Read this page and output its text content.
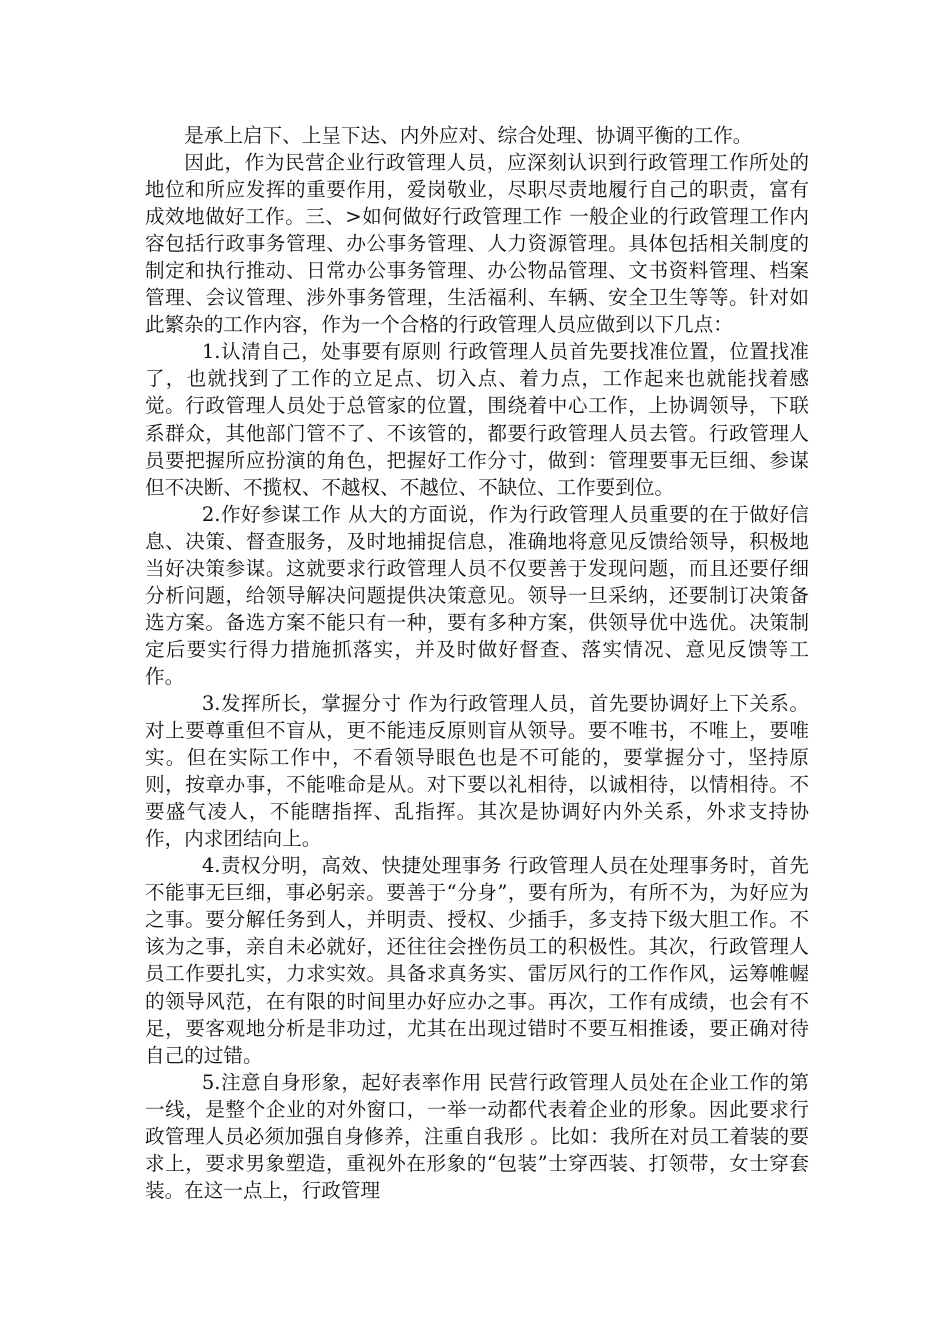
是承上启下、上呈下达、内外应对、综合处理、协调平衡的工作。

因此，作为民营企业行政管理人员，应深刻认识到行政管理工作所处的地位和所应发挥的重要作用，爱岗敬业，尽职尽责地履行自己的职责，富有成效地做好工作。三、>如何做好行政管理工作 一般企业的行政管理工作内容包括行政事务管理、办公事务管理、人力资源管理。具体包括相关制度的制定和执行推动、日常办公事务管理、办公物品管理、文书资料管理、档案管理、会议管理、涉外事务管理，生活福利、车辆、安全卫生等等。针对如此繁杂的工作内容，作为一个合格的行政管理人员应做到以下几点：

1.认清自己，处事要有原则 行政管理人员首先要找准位置，位置找准了，也就找到了工作的立足点、切入点、着力点，工作起来也就能找着感觉。行政管理人员处于总管家的位置，围绕着中心工作，上协调领导，下联系群众，其他部门管不了、不该管的，都要行政管理人员去管。行政管理人员要把握所应扮演的角色，把握好工作分寸，做到：管理要事无巨细、参谋但不决断、不揽权、不越权、不越位、不缺位、工作要到位。

2.作好参谋工作 从大的方面说，作为行政管理人员重要的在于做好信息、决策、督查服务，及时地捕捉信息，准确地将意见反馈给领导，积极地当好决策参谋。这就要求行政管理人员不仅要善于发现问题，而且还要仔细分析问题，给领导解决问题提供决策意见。领导一旦采纳，还要制订决策备选方案。备选方案不能只有一种，要有多种方案，供领导优中选优。决策制定后要实行得力措施抓落实，并及时做好督查、落实情况、意见反馈等工作。

3.发挥所长，掌握分寸 作为行政管理人员，首先要协调好上下关系。对上要尊重但不盲从，更不能违反原则盲从领导。要不唯书，不唯上，要唯实。但在实际工作中，不看领导眼色也是不可能的，要掌握分寸，坚持原则，按章办事，不能唯命是从。对下要以礼相待，以诚相待，以情相待。不要盛气凌人，不能瞎指挥、乱指挥。其次是协调好内外关系，外求支持协作，内求团结向上。

4.责权分明，高效、快捷处理事务 行政管理人员在处理事务时，首先不能事无巨细，事必躬亲。要善于“分身”，要有所为，有所不为，为好应为之事。要分解任务到人，并明责、授权、少插手，多支持下级大胆工作。不该为之事，亲自未必就好，还往往会挫伤员工的积极性。其次，行政管理人员工作要扎实，力求实效。具备求真务实、雷厉风行的工作作风，运筹帷幄的领导风范，在有限的时间里办好应办之事。再次，工作有成绩，也会有不足，要客观地分析是非功过，尤其在出现过错时不要互相推诿，要正确对待自己的过错。

5.注意自身形象，起好表率作用 民营行政管理人员处在企业工作的第一线，是整个企业的对外窗口，一举一动都代表着企业的形象。因此要求行政管理人员必须加强自身修养，注重自我形 。比如：我所在对员工着装的要求上，要求男象塑造，重视外在形象的“包装”士穿西装、打领带，女士穿套装。在这一点上，行政管理
